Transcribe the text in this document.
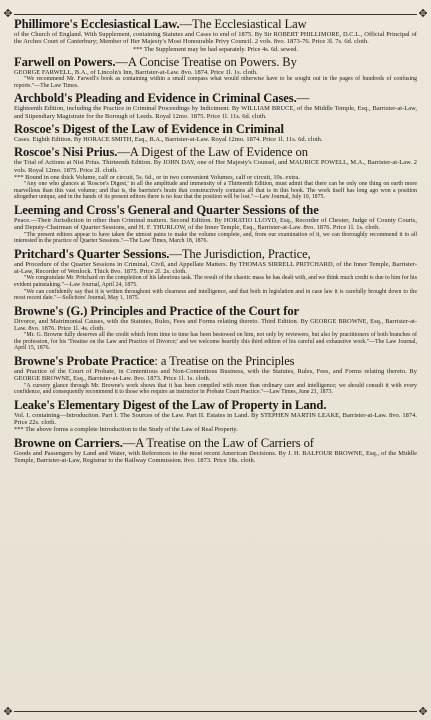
✥	✥
✥	✥
Phillimore's Ecclesiastical Law.—The Ecclesiastical Law
of the Church of England. With Supplement, containing Statutes and Cases to end of 1875. By Sir ROBERT PHILLIMORE, D.C.L., Official Principal of the Arches Court of Canterbury; Member of Her Majesty's Most Honourable Privy Council. 2 vols. 8vo. 1873-76. Price 3l. 7s. 6d. cloth.
*** The Supplement may be had separately. Price 4s. 6d. sewed.
Farwell on Powers.—A Concise Treatise on Powers. By
GEORGE FARWELL, B.A., of Lincoln's Inn, Barrister-at-Law. 8vo. 1874. Price 1l. 1s. cloth.
"We recommend Mr. Farwell's book as containing within a small compass what would otherwise have to be sought out in the pages of hundreds of confusing reports."—The Law Times.
Archbold's Pleading and Evidence in Criminal Cases.—
Eighteenth Edition, including the Practice in Criminal Proceedings by Indictment. By WILLIAM BRUCE, of the Middle Temple, Esq., Barrister-at-Law, and Stipendiary Magistrate for the Borough of Leeds. Royal 12mo. 1875. Price 1l. 11s. 6d. cloth.
Roscoe's Digest of the Law of Evidence in Criminal
Cases. Eighth Edition. By HORACE SMITH, Esq., B.A., Barrister-at-Law. Royal 12mo. 1874. Price 1l. 11s. 6d. cloth.
Roscoe's Nisi Prius.—A Digest of the Law of Evidence on
the Trial of Actions at Nisi Prius. Thirteenth Edition. By JOHN DAY, one of Her Majesty's Counsel, and MAURICE POWELL, M.A., Barrister-at-Law. 2 vols. Royal 12mo. 1875. Price 2l. cloth.
*** Bound in one thick Volume, calf or circuit, 5s. 6d., or in two convenient Volumes, calf or circuit, 10s. extra.
"Any one who glances at 'Roscoe's Digest,' in all the amplitude and immensity of a Thirteenth Edition, must admit that there can be only one thing on earth more marvellous than this vast volume; and that is, the barrister's brain that constructively contains all that is in this book. The work itself has long ago won a position altogether unique, and in the hands of its present editors there is no fear that the position will be lost."—Law Journal, July 10, 1875.
Leeming and Cross's General and Quarter Sessions of the
Peace.—Their Jurisdiction in other than Criminal matters. Second Edition. By HORATIO LLOYD, Esq., Recorder of Chester, Judge of County Courts, and Deputy-Chairman of Quarter Sessions, and H. F. THURLOW, of the Inner Temple, Esq., Barrister-at-Law. 8vo. 1876. Price 1l. 1s. cloth.
"The present editors appear to have taken the utmost pains to make the volume complete, and, from our examination of it, we can thoroughly recommend it to all interested in the practice of Quarter Sessions."—The Law Times, March 18, 1876.
Pritchard's Quarter Sessions.—The Jurisdiction, Practice,
and Procedure of the Quarter Sessions in Criminal, Civil, and Appellate Matters. By THOMAS SIRRELL PRITCHARD, of the Inner Temple, Barrister-at-Law, Recorder of Wenlock. Thick 8vo. 1875. Price 2l. 2s. cloth.
"We congratulate Mr. Pritchard on the completion of his laborious task. The result of the chaotic mass he has dealt with, and we think much credit is due to him for his evident painstaking."—Law Journal, April 24, 1875.
"We can confidently say that it is written throughout with clearness and intelligence, and that both in legislation and in case law it is carefully brought down to the most recent date."—Solicitors' Journal, May 1, 1875.
Browne's (G.) Principles and Practice of the Court for
Divorce, and Matrimonial Causes, with the Statutes, Rules, Fees and Forms relating thereto. Third Edition. By GEORGE BROWNE, Esq., Barrister-at-Law. 8vo. 1876. Price 1l. 4s. cloth.
"Mr. G. Browne fully deserves all the credit which from time to time has been bestowed on him, not only by reviewers, but also by practitioners of both branches of the profession, for his 'Treatise on the Law and Practice of Divorce;' and we welcome heartily this third edition of his careful and exhaustive work."—The Law Journal, April 15, 1876.
Browne's Probate Practice: a Treatise on the Principles
and Practice of the Court of Probate, in Contentious and Non-Contentious Business, with the Statutes, Rules, Fees, and Forms relating thereto. By GEORGE BROWNE, Esq., Barrister-at-Law. 8vo. 1873. Price 1l. 1s. cloth.
"A cursory glance through Mr. Browne's work shows that it has been compiled with more than ordinary care and intelligence; we should consult it with every confidence, and consequently recommend it to those who require an instructor in Probate Court Practice."—Law Times, June 21, 1873.
Leake's Elementary Digest of the Law of Property in Land.
Vol. I. containing—Introduction. Part I. The Sources of the Law. Part II. Estates in Land. By STEPHEN MARTIN LEAKE, Barrister-at-Law. 8vo. 1874. Price 22s. cloth.
*** The above forms a complete Introduction to the Study of the Law of Real Property.
Browne on Carriers.—A Treatise on the Law of Carriers of
Goods and Passengers by Land and Water, with References to the most recent American Decisions. By J. H. BALFOUR BROWNE, Esq., of the Middle Temple, Barrister-at-Law, Registrar to the Railway Commission. 8vo. 1873. Price 18s. cloth.
